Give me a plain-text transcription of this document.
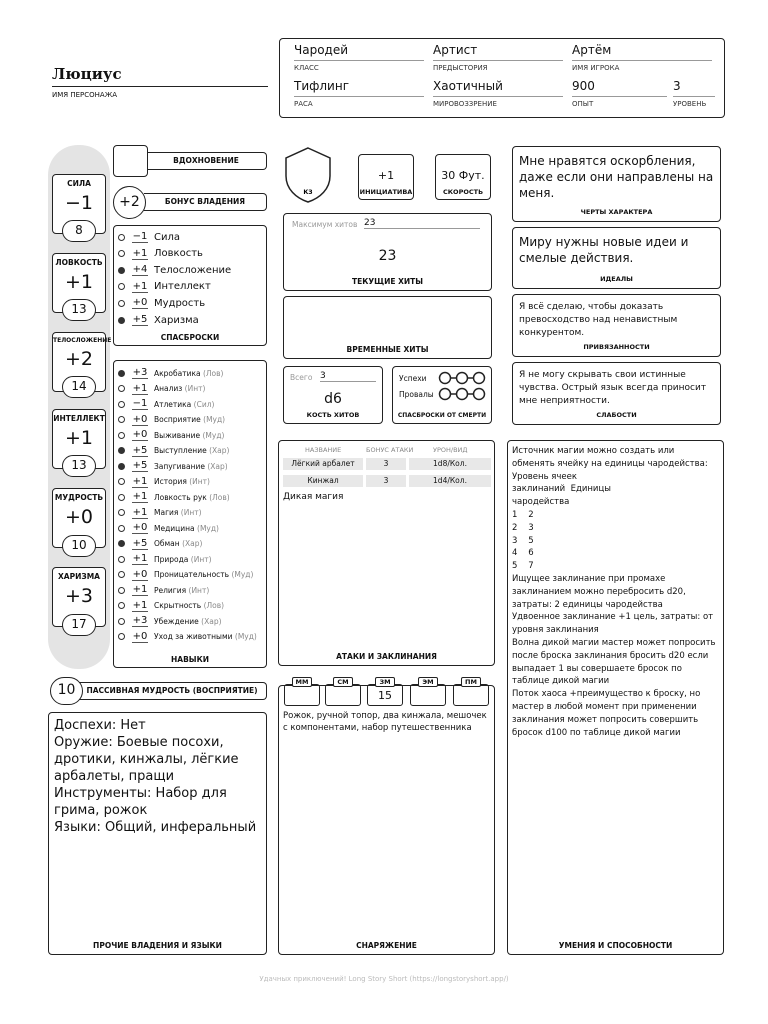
Люциус
ИМЯ ПЕРСОНАЖА
Чародей
КЛАСС
Артист
ПРЕДЫСТОРИЯ
Артём
ИМЯ ИГРОКА
Тифлинг
РАСА
Хаотичный
МИРОВОЗЗРЕНИЕ
900
ОПЫТ
3
УРОВЕНЬ
СИЛА
−1
8
ЛОВКОСТЬ
+1
13
ТЕЛОСЛОЖЕНИЕ
+2
14
ИНТЕЛЛЕКТ
+1
13
МУДРОСТЬ
+0
10
ХАРИЗМА
+3
17
ВДОХНОВЕНИЕ
БОНУС ВЛАДЕНИЯ
+2
СПАСБРОСКИ
−1 Сила
+1 Ловкость
+4 Телосложение
+1 Интеллект
+0 Мудрость
+5 Харизма
НАВЫКИ
+3 Акробатика (Лов)
+1 Анализ (Инт)
−1 Атлетика (Сил)
+0 Восприятие (Муд)
+0 Выживание (Муд)
+5 Выступление (Хар)
+5 Запугивание (Хар)
+1 История (Инт)
+1 Ловкость рук (Лов)
+1 Магия (Инт)
+0 Медицина (Муд)
+5 Обман (Хар)
+1 Природа (Инт)
+0 Проницательность (Муд)
+1 Религия (Инт)
+1 Скрытность (Лов)
+3 Убеждение (Хар)
+0 Уход за животными (Муд)
ПАССИВНАЯ МУДРОСТЬ (ВОСПРИЯТИЕ)
10
Доспехи: Нет
Оружие: Боевые посохи,
дротики, кинжалы, лёгкие
арбалеты, пращи
Инструменты: Набор для
грима, рожок
Языки: Общий, инферальный
ПРОЧИЕ ВЛАДЕНИЯ И ЯЗЫКИ
КЗ
+1
ИНИЦИАТИВА
30 Фут.
СКОРОСТЬ
Максимум хитов 23
23
ТЕКУЩИЕ ХИТЫ
ВРЕМЕННЫЕ ХИТЫ
Всего 3
d6
КОСТЬ ХИТОВ
Успехи
Провалы
СПАСБРОСКИ ОТ СМЕРТИ
Мне нравятся оскорбления, даже если они направлены на меня.
ЧЕРТЫ ХАРАКТЕРА
Миру нужны новые идеи и смелые действия.
ИДЕАЛЫ
Я всё сделаю, чтобы доказать превосходство над ненавистным конкурентом.
ПРИВЯЗАННОСТИ
Я не могу скрывать свои истинные чувства. Острый язык всегда приносит мне неприятности.
СЛАБОСТИ
АТАКИ И ЗАКЛИНАНИЯ
НАЗВАНИЕ	БОНУС АТАКИ	УРОН/ВИД
Лёгкий арбалет	3	1d8/Кол.
Кинжал	3	1d4/Кол.
Дикая магия
Рожок, ручной топор, два кинжала, мешочек с компонентами, набор путешественника
СНАРЯЖЕНИЕ
ММ	СМ	ЗМ
15
ЭМ	ПМ
Источник магии можно создать или обменять ячейку на единицы чародейства:
Уровень ячеек
заклинаний  Единицы
чародейства
1    2
2    3
3    5
4    6
5    7
Ищущее заклинание при промахе заклинанием можно перебросить d20, затраты: 2 единицы чародейства
Удвоенное заклинание +1 цель, затраты: от уровня заклинания
Волна дикой магии мастер может попросить после броска заклинания бросить d20 если выпадает 1 вы совершаете бросок по таблице дикой магии
Поток хаоса +преимущество к броску, но мастер в любой момент при применении заклинания может попросить совершить бросок d100 по таблице дикой магии
УМЕНИЯ И СПОСОБНОСТИ
Удачных приключений! Long Story Short (https://longstoryshort.app/)
